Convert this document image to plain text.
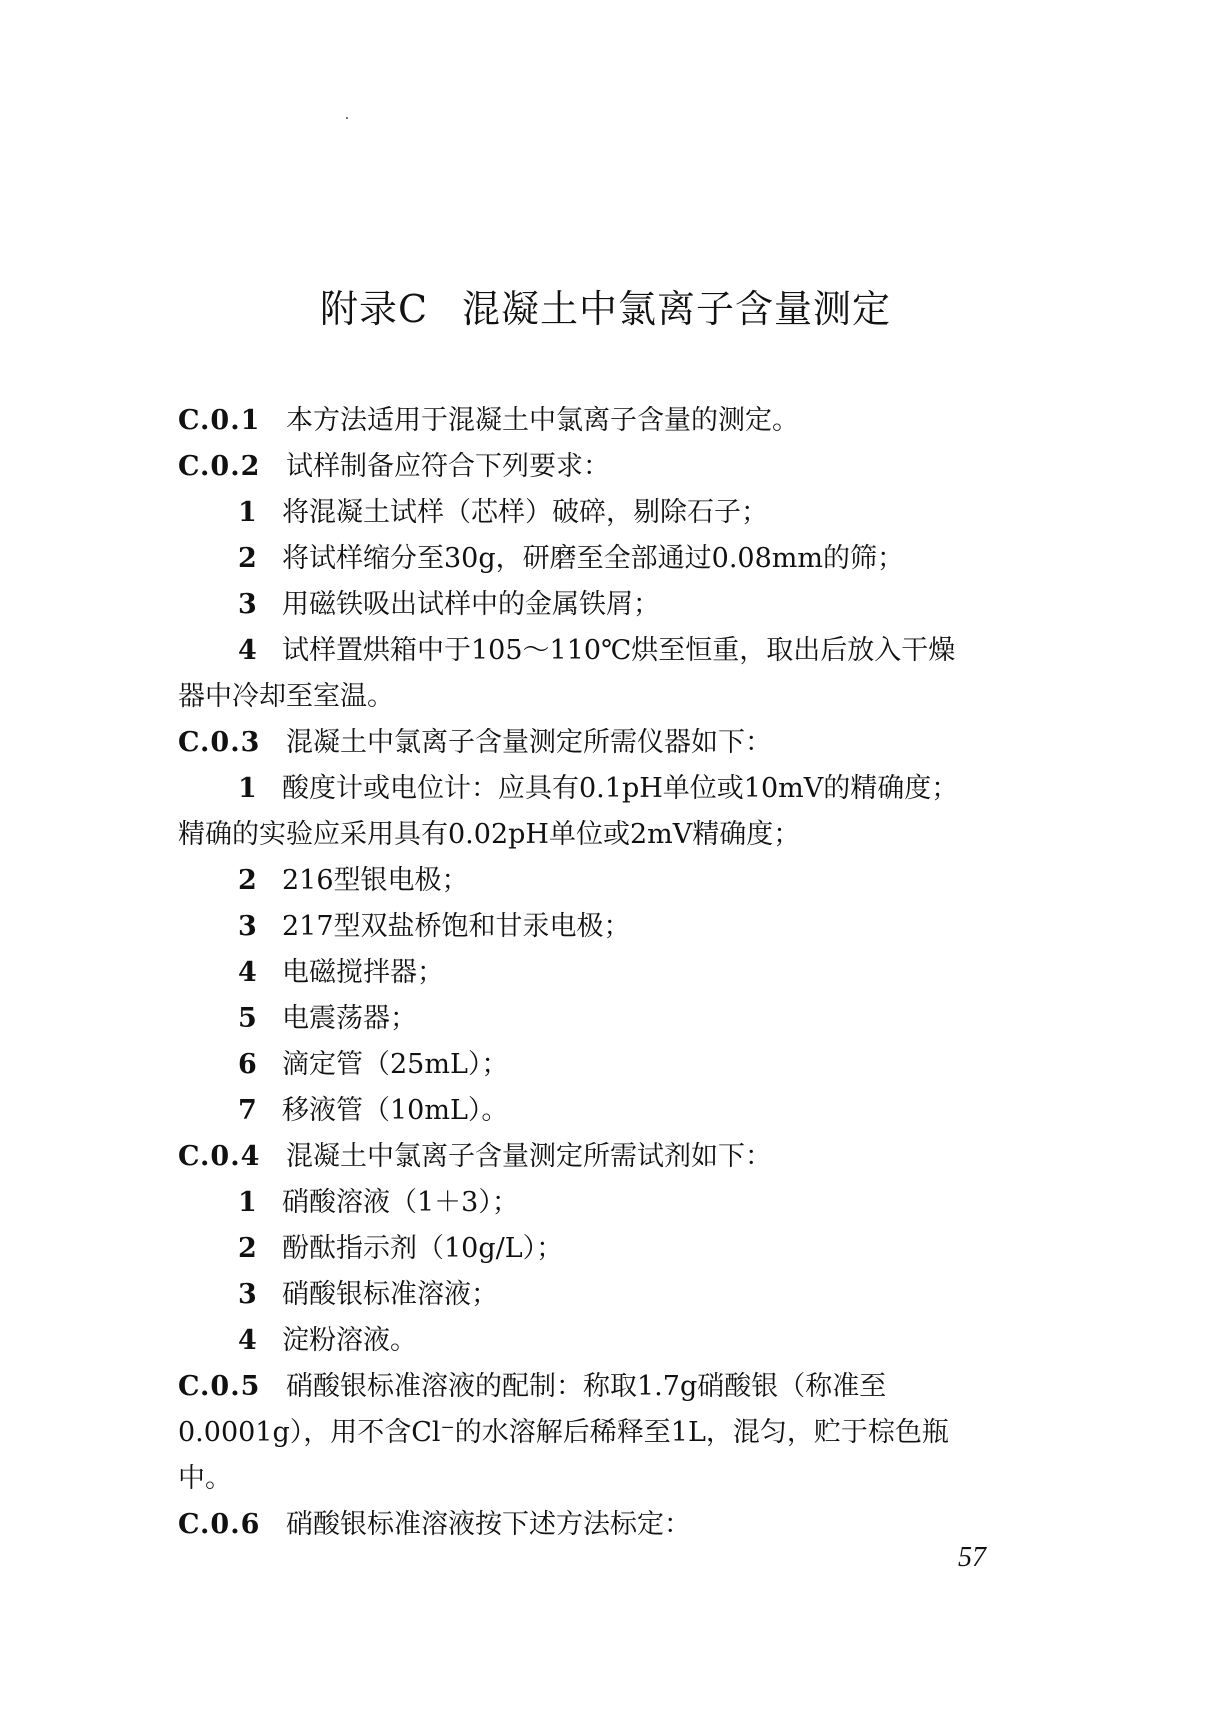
附录C 混凝土中氯离子含量测定
C.0.1 本方法适用于混凝土中氯离子含量的测定。
C.0.2 试样制备应符合下列要求：
1 将混凝土试样（芯样）破碎，剔除石子；
2 将试样缩分至30g，研磨至全部通过0.08mm的筛；
3 用磁铁吸出试样中的金属铁屑；
4 试样置烘箱中于105～110℃烘至恒重，取出后放入干燥
器中冷却至室温。
C.0.3 混凝土中氯离子含量测定所需仪器如下：
1 酸度计或电位计：应具有0.1pH单位或10mV的精确度；
精确的实验应采用具有0.02pH单位或2mV精确度；
2 216型银电极；
3 217型双盐桥饱和甘汞电极；
4 电磁搅拌器；
5 电震荡器；
6 滴定管（25mL）；
7 移液管（10mL）。
C.0.4 混凝土中氯离子含量测定所需试剂如下：
1 硝酸溶液（1＋3）；
2 酚酞指示剂（10g/L）；
3 硝酸银标准溶液；
4 淀粉溶液。
C.0.5 硝酸银标准溶液的配制：称取1.7g硝酸银（称准至
0.0001g），用不含Cl⁻的水溶解后稀释至1L，混匀，贮于棕色瓶
中。
C.0.6 硝酸银标准溶液按下述方法标定：
57
